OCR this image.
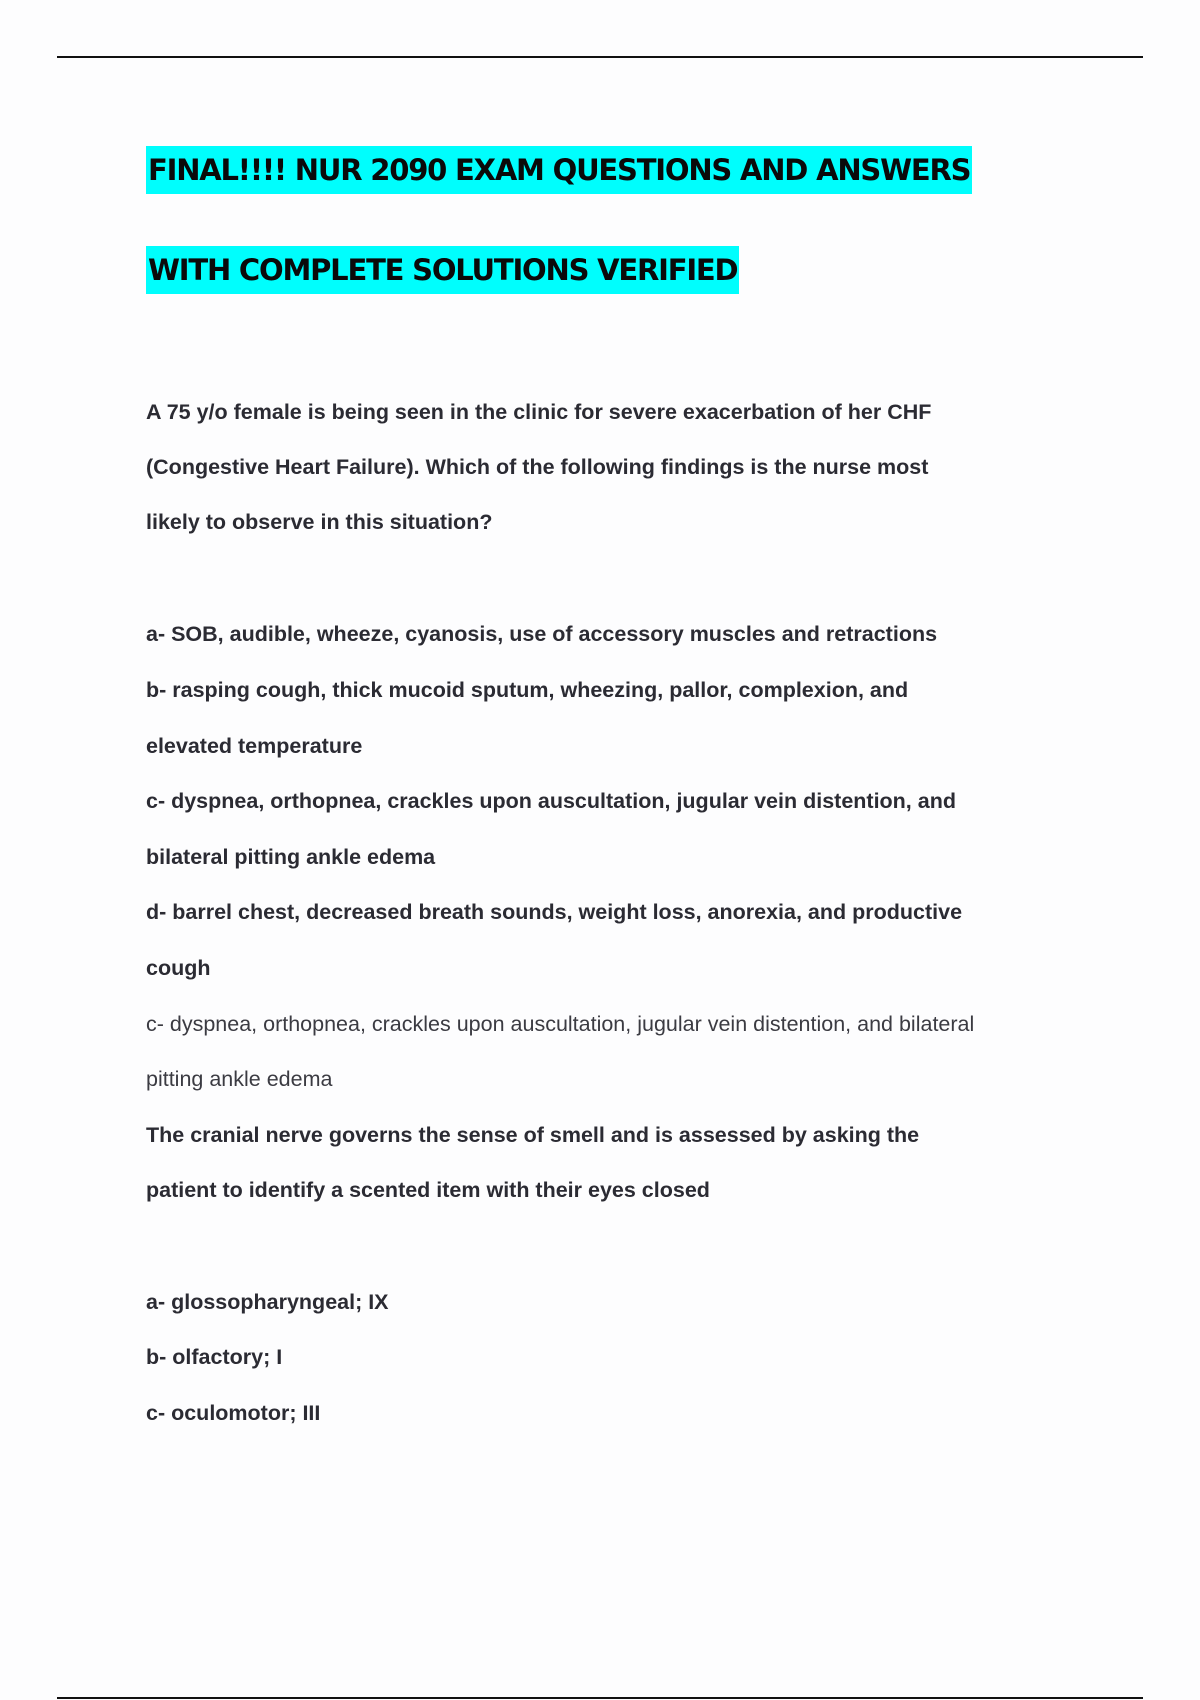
FINAL!!!! NUR 2090 EXAM QUESTIONS AND ANSWERS
WITH COMPLETE SOLUTIONS VERIFIED
A 75 y/o female is being seen in the clinic for severe exacerbation of her CHF
(Congestive Heart Failure). Which of the following findings is the nurse most
likely to observe in this situation?
a- SOB, audible, wheeze, cyanosis, use of accessory muscles and retractions
b- rasping cough, thick mucoid sputum, wheezing, pallor, complexion, and
elevated temperature
c- dyspnea, orthopnea, crackles upon auscultation, jugular vein distention, and
bilateral pitting ankle edema
d- barrel chest, decreased breath sounds, weight loss, anorexia, and productive
cough
c- dyspnea, orthopnea, crackles upon auscultation, jugular vein distention, and bilateral
pitting ankle edema
The cranial nerve governs the sense of smell and is assessed by asking the
patient to identify a scented item with their eyes closed
a- glossopharyngeal; IX
b- olfactory; I
c- oculomotor; III
